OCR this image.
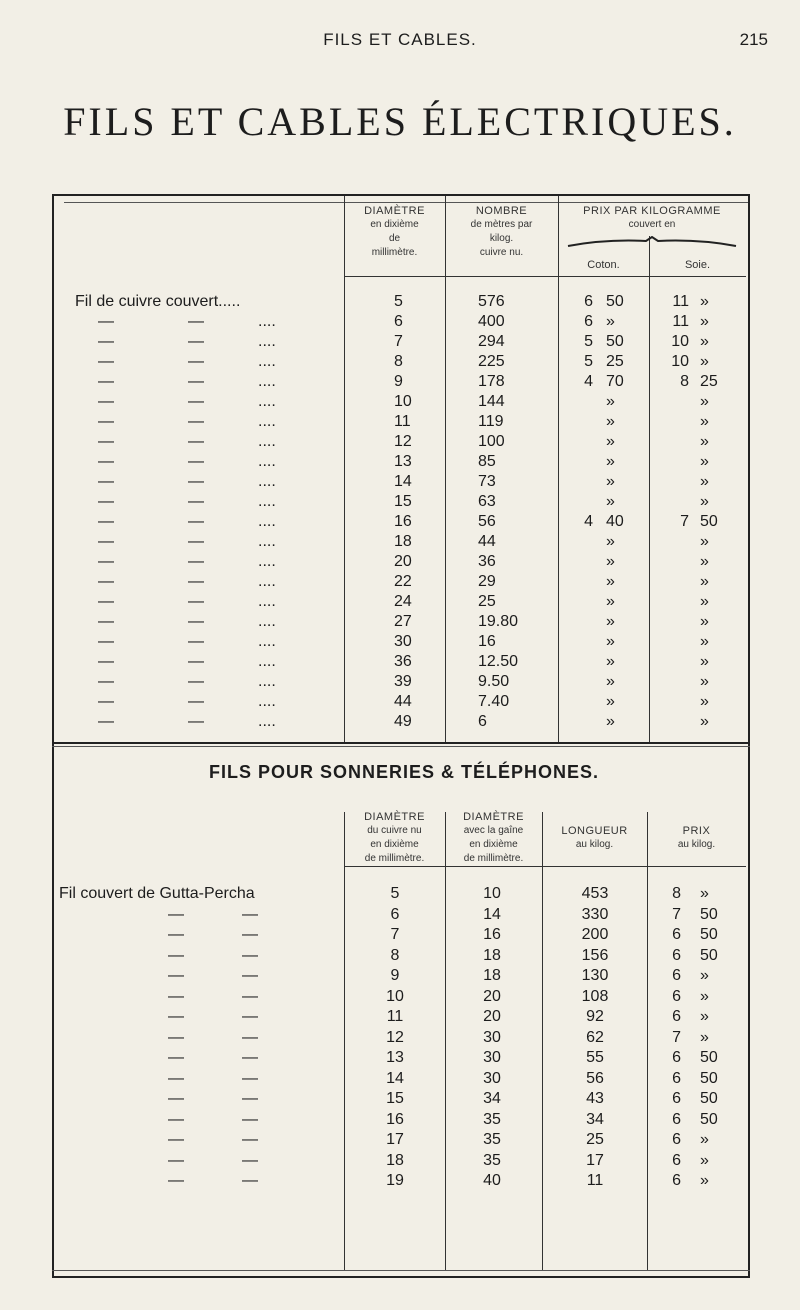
FILS ET CABLES.	215
FILS ET CABLES ÉLECTRIQUES.
DIAMÈTRE
en dixième
de
millimètre.
NOMBRE
de mètres par
kilog.
cuivre nu.
PRIX PAR KILOGRAMME
couvert en
Coton.	Soie.
Fil de cuivre couvert.....	5	576	6 50	11 »
—	—	....	6	400	6 »	11 »
—	—	....	7	294	5 50	10 »
—	—	....	8	225	5 25	10 »
—	—	....	9	178	4 70	8 25
—	—	....	10	144	»	»
—	—	....	11	119	»	»
—	—	....	12	100	»	»
—	—	....	13	85	»	»
—	—	....	14	73	»	»
—	—	....	15	63	»	»
—	—	....	16	56	4 40	7 50
—	—	....	18	44	»	»
—	—	....	20	36	»	»
—	—	....	22	29	»	»
—	—	....	24	25	»	»
—	—	....	27	19.80	»	»
—	—	....	30	16	»	»
—	—	....	36	12.50	»	»
—	—	....	39	9.50	»	»
—	—	....	44	7.40	»	»
—	—	....	49	6	»	»
FILS POUR SONNERIES & TÉLÉPHONES.
DIAMÈTRE
du cuivre nu
en dixième
de millimètre.
DIAMÈTRE
avec la gaîne
en dixième
de millimètre.
LONGUEUR
au kilog.
PRIX
au kilog.
Fil couvert de Gutta-Percha	5	10	453	8 »
—	—	6	14	330	7 50
—	—	7	16	200	6 50
—	—	8	18	156	6 50
—	—	9	18	130	6 »
—	—	10	20	108	6 »
—	—	11	20	92	6 »
—	—	12	30	62	7 »
—	—	13	30	55	6 50
—	—	14	30	56	6 50
—	—	15	34	43	6 50
—	—	16	35	34	6 50
—	—	17	35	25	6 »
—	—	18	35	17	6 »
—	—	19	40	11	6 »
